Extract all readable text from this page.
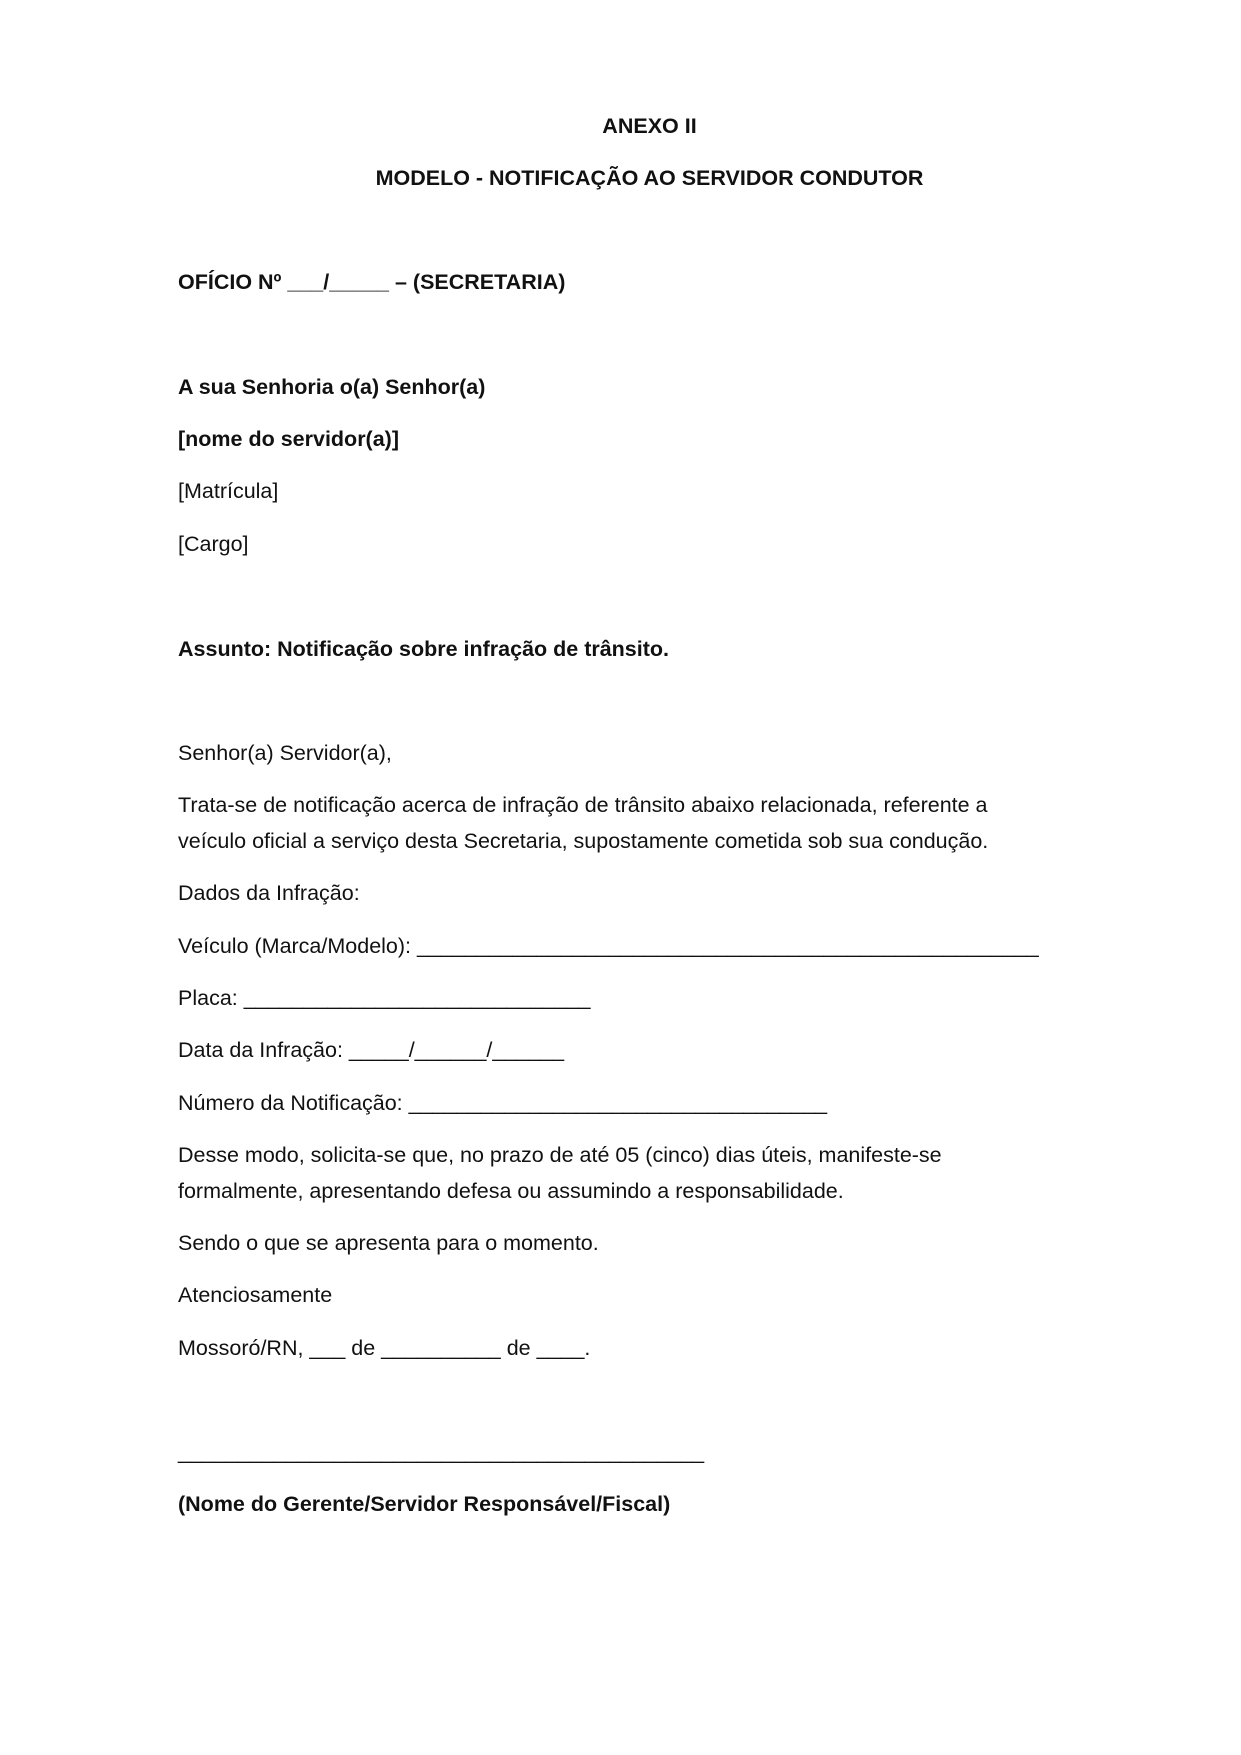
ANEXO II
MODELO - NOTIFICAÇÃO AO SERVIDOR CONDUTOR
OFÍCIO Nº ___/_____ – (SECRETARIA)
A sua Senhoria o(a) Senhor(a)
[nome do servidor(a)]
[Matrícula]
[Cargo]
Assunto: Notificação sobre infração de trânsito.
Senhor(a) Servidor(a),
Trata-se de notificação acerca de infração de trânsito abaixo relacionada, referente a
veículo oficial a serviço desta Secretaria, supostamente cometida sob sua condução.
Dados da Infração:
Veículo (Marca/Modelo): ____________________________________________________
Placa: _____________________________
Data da Infração: _____/______/______
Número da Notificação: ___________________________________
Desse modo, solicita-se que, no prazo de até 05 (cinco) dias úteis, manifeste-se
formalmente, apresentando defesa ou assumindo a responsabilidade.
Sendo o que se apresenta para o momento.
Atenciosamente
Mossoró/RN, ___ de __________ de ____.
____________________________________________
(Nome do Gerente/Servidor Responsável/Fiscal)
